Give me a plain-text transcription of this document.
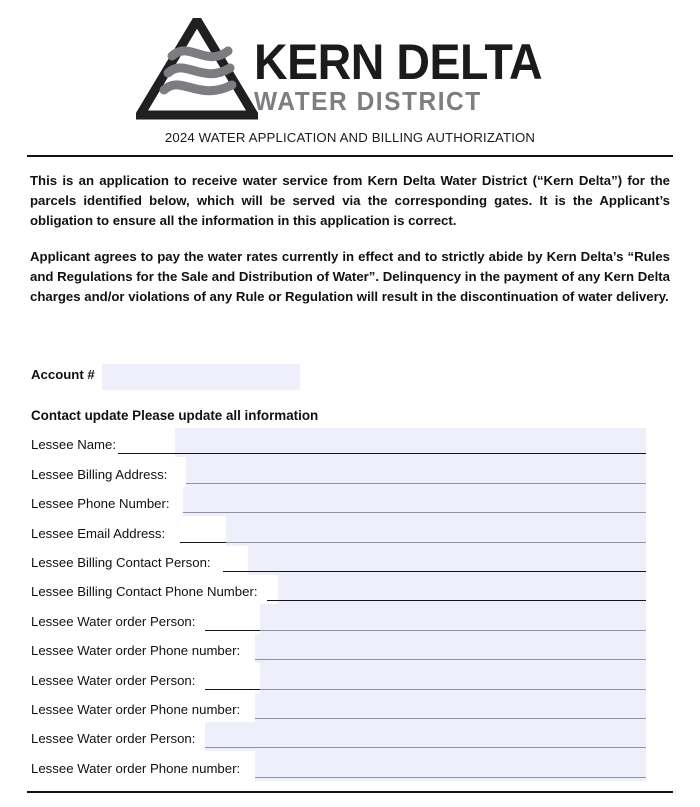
KERN DELTA
WATER DISTRICT
2024 WATER APPLICATION AND BILLING AUTHORIZATION

This is an application to receive water service from Kern Delta Water District (“Kern Delta”) for the parcels identified below, which will be served via the corresponding gates. It is the Applicant’s obligation to ensure all the information in this application is correct.

Applicant agrees to pay the water rates currently in effect and to strictly abide by Kern Delta’s “Rules and Regulations for the Sale and Distribution of Water”. Delinquency in the payment of any Kern Delta charges and/or violations of any Rule or Regulation will result in the discontinuation of water delivery.

Account #
Contact update Please update all information
Lessee Name:
Lessee Billing Address:
Lessee Phone Number:
Lessee Email Address:
Lessee Billing Contact Person:
Lessee Billing Contact Phone Number:
Lessee Water order Person:
Lessee Water order Phone number:
Lessee Water order Person:
Lessee Water order Phone number:
Lessee Water order Person:
Lessee Water order Phone number:
